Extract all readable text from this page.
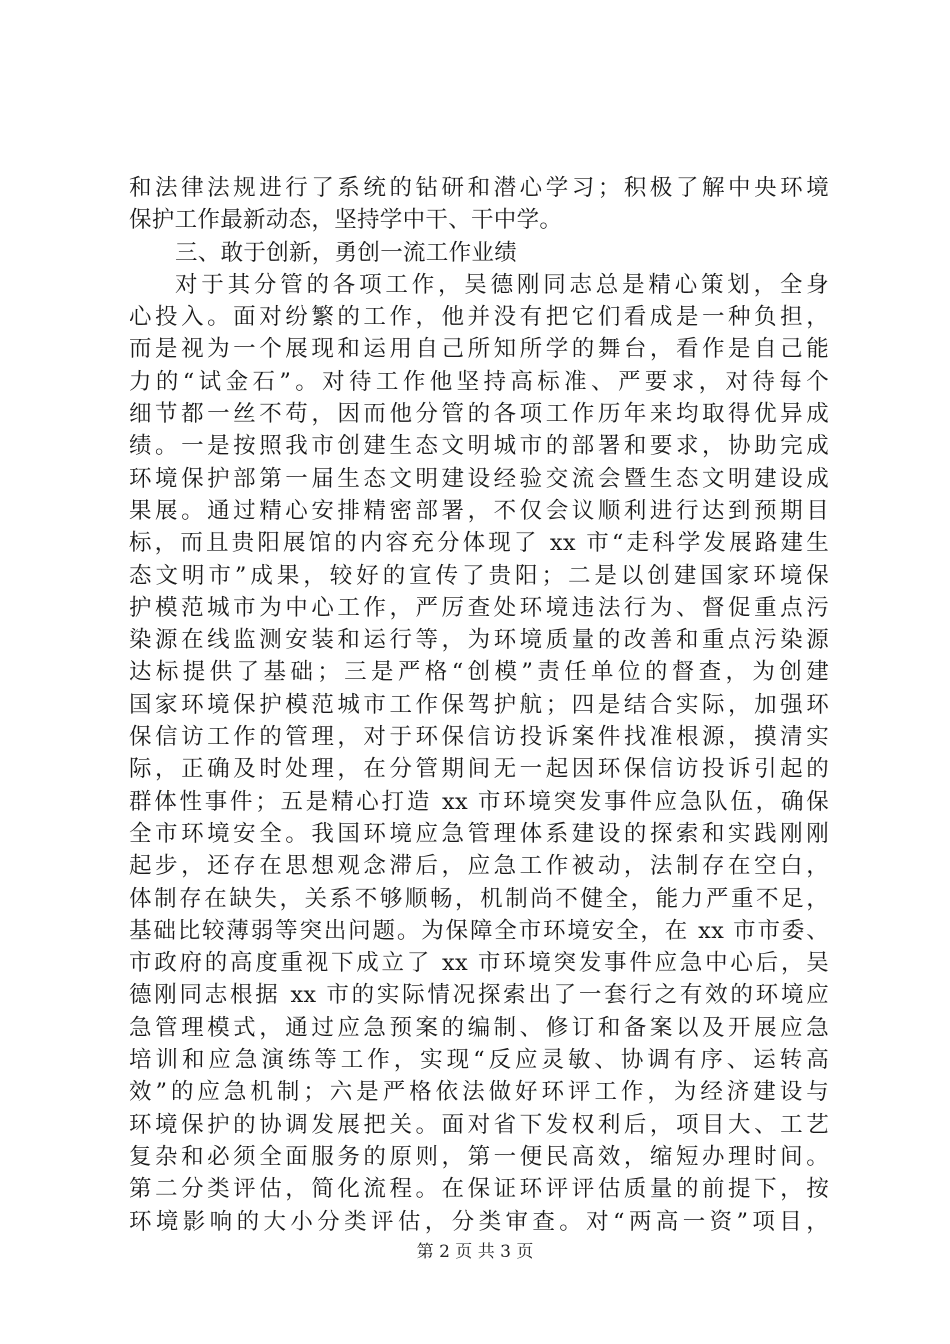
和法律法规进行了系统的钻研和潜心学习；积极了解中央环境
保护工作最新动态，坚持学中干、干中学。
三、敢于创新，勇创一流工作业绩
对于其分管的各项工作，吴德刚同志总是精心策划，全身
心投入。面对纷繁的工作，他并没有把它们看成是一种负担，
而是视为一个展现和运用自己所知所学的舞台，看作是自己能
力的“试金石”。对待工作他坚持高标准、严要求，对待每个
细节都一丝不苟，因而他分管的各项工作历年来均取得优异成
绩。一是按照我市创建生态文明城市的部署和要求，协助完成
环境保护部第一届生态文明建设经验交流会暨生态文明建设成
果展。通过精心安排精密部署，不仅会议顺利进行达到预期目
标，而且贵阳展馆的内容充分体现了 xx 市“走科学发展路建生
态文明市”成果，较好的宣传了贵阳；二是以创建国家环境保
护模范城市为中心工作，严厉查处环境违法行为、督促重点污
染源在线监测安装和运行等，为环境质量的改善和重点污染源
达标提供了基础；三是严格“创模”责任单位的督查，为创建
国家环境保护模范城市工作保驾护航；四是结合实际，加强环
保信访工作的管理，对于环保信访投诉案件找准根源，摸清实
际，正确及时处理，在分管期间无一起因环保信访投诉引起的
群体性事件；五是精心打造 xx 市环境突发事件应急队伍，确保
全市环境安全。我国环境应急管理体系建设的探索和实践刚刚
起步，还存在思想观念滞后，应急工作被动，法制存在空白，
体制存在缺失，关系不够顺畅，机制尚不健全，能力严重不足，
基础比较薄弱等突出问题。为保障全市环境安全，在 xx 市市委、
市政府的高度重视下成立了 xx 市环境突发事件应急中心后，吴
德刚同志根据 xx 市的实际情况探索出了一套行之有效的环境应
急管理模式，通过应急预案的编制、修订和备案以及开展应急
培训和应急演练等工作，实现“反应灵敏、协调有序、运转高
效”的应急机制；六是严格依法做好环评工作，为经济建设与
环境保护的协调发展把关。面对省下发权利后，项目大、工艺
复杂和必须全面服务的原则，第一便民高效，缩短办理时间。
第二分类评估，简化流程。在保证环评评估质量的前提下，按
环境影响的大小分类评估，分类审查。对“两高一资”项目，
第 2 页 共 3 页
